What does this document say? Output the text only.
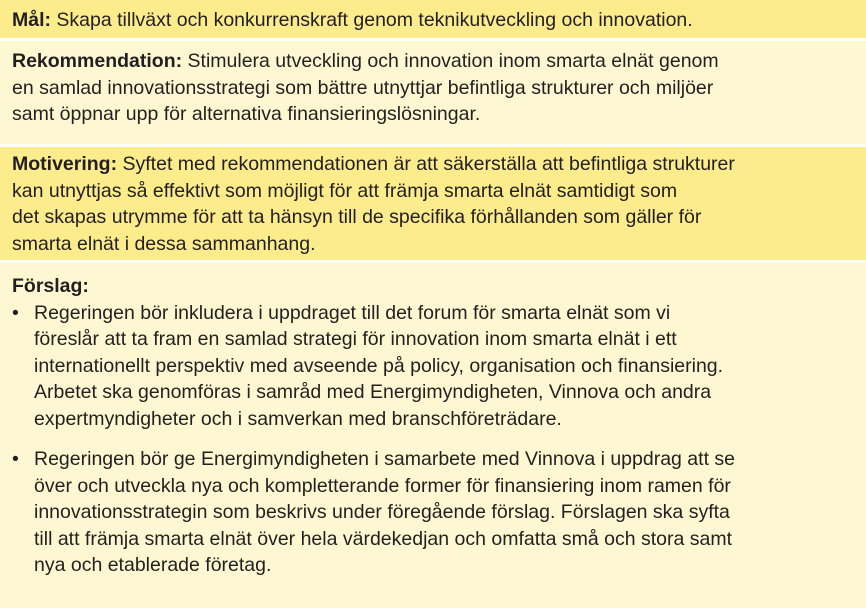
Mål: Skapa tillväxt och konkurrenskraft genom teknikutveckling och innovation.
Rekommendation: Stimulera utveckling och innovation inom smarta elnät genom
en samlad innovationsstrategi som bättre utnyttjar befintliga strukturer och miljöer
samt öppnar upp för alternativa finansieringslösningar.
Motivering: Syftet med rekommendationen är att säkerställa att befintliga strukturer
kan utnyttjas så effektivt som möjligt för att främja smarta elnät samtidigt som
det skapas utrymme för att ta hänsyn till de specifika förhållanden som gäller för
smarta elnät i dessa sammanhang.
Förslag:
• Regeringen bör inkludera i uppdraget till det forum för smarta elnät som vi
föreslår att ta fram en samlad strategi för innovation inom smarta elnät i ett
internationellt perspektiv med avseende på policy, organisation och finansiering.
Arbetet ska genomföras i samråd med Energimyndigheten, Vinnova och andra
expertmyndigheter och i samverkan med branschföreträdare.
• Regeringen bör ge Energimyndigheten i samarbete med Vinnova i uppdrag att se
över och utveckla nya och kompletterande former för finansiering inom ramen för
innovationsstrategin som beskrivs under föregående förslag. Förslagen ska syfta
till att främja smarta elnät över hela värdekedjan och omfatta små och stora samt
nya och etablerade företag.
